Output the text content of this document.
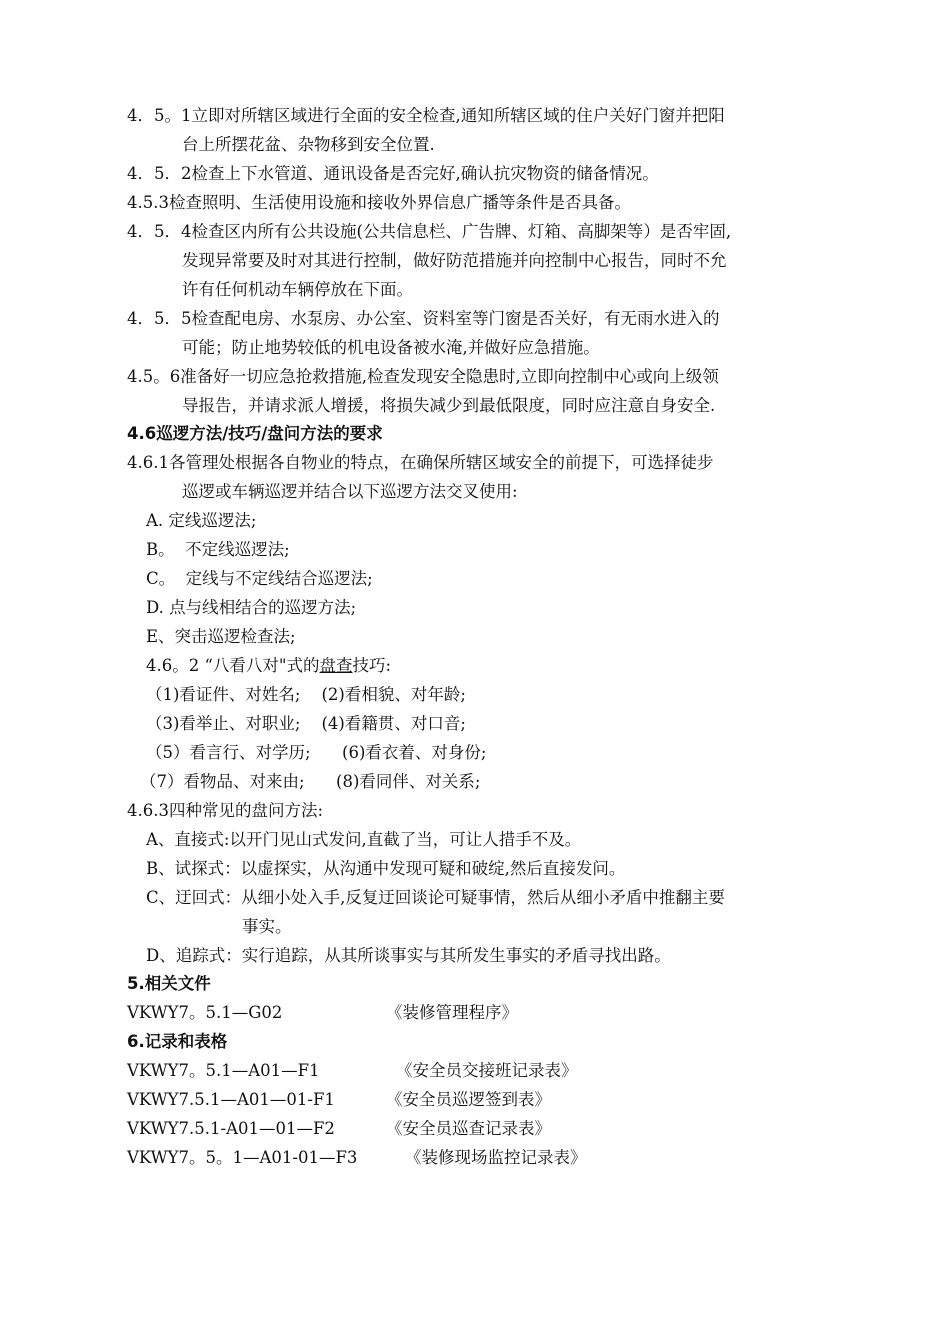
4．5。1立即对所辖区域进行全面的安全检查,通知所辖区域的住户关好门窗并把阳
台上所摆花盆、杂物移到安全位置.
4．5．2检查上下水管道、通讯设备是否完好,确认抗灾物资的储备情况。
4.5.3检查照明、生活使用设施和接收外界信息广播等条件是否具备。
4．5．4检查区内所有公共设施(公共信息栏、广告牌、灯箱、高脚架等）是否牢固,
发现异常要及时对其进行控制，做好防范措施并向控制中心报告，同时不允
许有任何机动车辆停放在下面。
4．5．5检查配电房、水泵房、办公室、资料室等门窗是否关好，有无雨水进入的
可能；防止地势较低的机电设备被水淹,并做好应急措施。
4.5。6准备好一切应急抢救措施,检查发现安全隐患时,立即向控制中心或向上级领
导报告，并请求派人增援，将损失减少到最低限度，同时应注意自身安全.
4.6巡逻方法/技巧/盘问方法的要求
4.6.1各管理处根据各自物业的特点，在确保所辖区域安全的前提下，可选择徒步
巡逻或车辆巡逻并结合以下巡逻方法交叉使用:
A. 定线巡逻法;
B。  不定线巡逻法;
C。  定线与不定线结合巡逻法;
D. 点与线相结合的巡逻方法;
E、突击巡逻检查法;
4.6。2 “八看八对"式的盘查技巧:
（1)看证件、对姓名;    (2)看相貌、对年龄;
（3)看举止、对职业;    (4)看籍贯、对口音;
（5）看言行、对学历;      (6)看衣着、对身份;
（7）看物品、对来由;      (8)看同伴、对关系;
4.6.3四种常见的盘问方法:
A、直接式:以开门见山式发问,直截了当，可让人措手不及。
B、试探式：以虚探实，从沟通中发现可疑和破绽,然后直接发问。
C、迂回式：从细小处入手,反复迂回谈论可疑事情，然后从细小矛盾中推翻主要
事实。
D、追踪式：实行追踪，从其所谈事实与其所发生事实的矛盾寻找出路。
5.相关文件
VKWY7。5.1—G02	《装修管理程序》
6.记录和表格
VKWY7。5.1—A01—F1	《安全员交接班记录表》
VKWY7.5.1—A01—01-F1	《安全员巡逻签到表》
VKWY7.5.1-A01—01—F2	《安全员巡查记录表》
VKWY7。5。1—A01-01—F3	《装修现场监控记录表》
